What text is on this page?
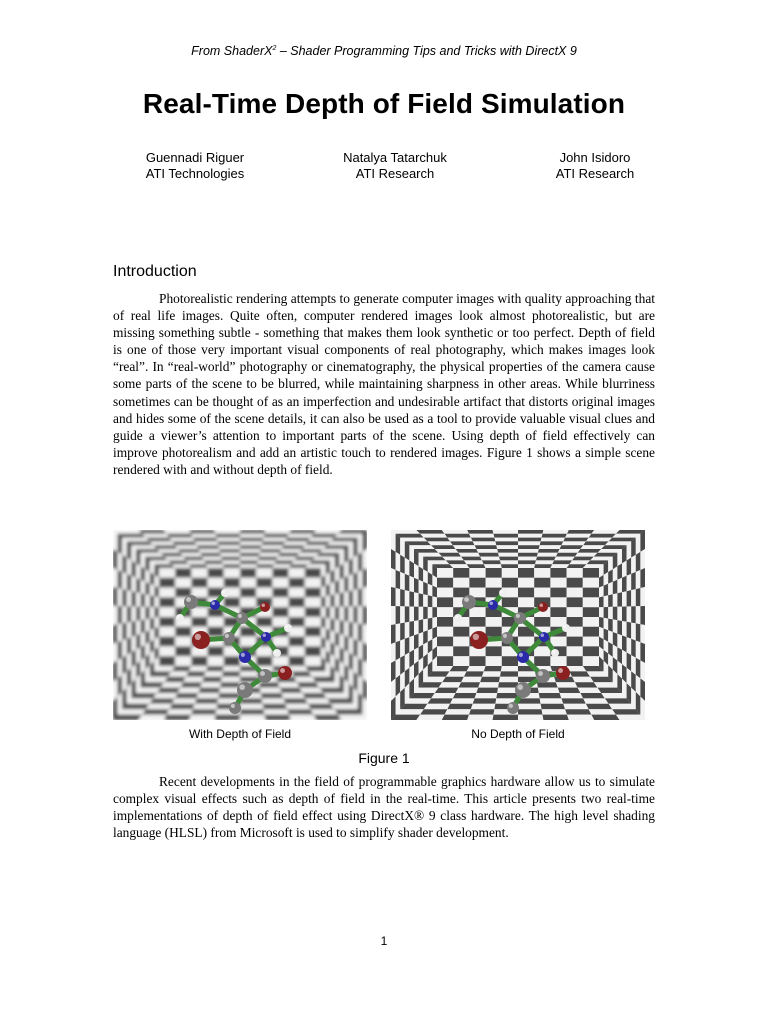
From ShaderX$^2$ – Shader Programming Tips and Tricks with DirectX 9
Real-Time Depth of Field Simulation
Guennadi Riguer
ATI Technologies
Natalya Tatarchuk
ATI Research
John Isidoro
ATI Research
Introduction

Photorealistic rendering attempts to generate computer images with quality approaching that of real life images. Quite often, computer rendered images look almost photorealistic, but are missing something subtle - something that makes them look synthetic or too perfect. Depth of field is one of those very important visual components of real photography, which makes images look “real”. In “real-world” photography or cinematography, the physical properties of the camera cause some parts of the scene to be blurred, while maintaining sharpness in other areas. While blurriness sometimes can be thought of as an imperfection and undesirable artifact that distorts original images and hides some of the scene details, it can also be used as a tool to provide valuable visual clues and guide a viewer’s attention to important parts of the scene. Using depth of field effectively can improve photorealism and add an artistic touch to rendered images. Figure 1 shows a simple scene rendered with and without depth of field.

With Depth of Field	No Depth of Field
Figure 1

Recent developments in the field of programmable graphics hardware allow us to simulate complex visual effects such as depth of field in the real-time. This article presents two real-time implementations of depth of field effect using DirectX® 9 class hardware. The high level shading language (HLSL) from Microsoft is used to simplify shader development.

1
